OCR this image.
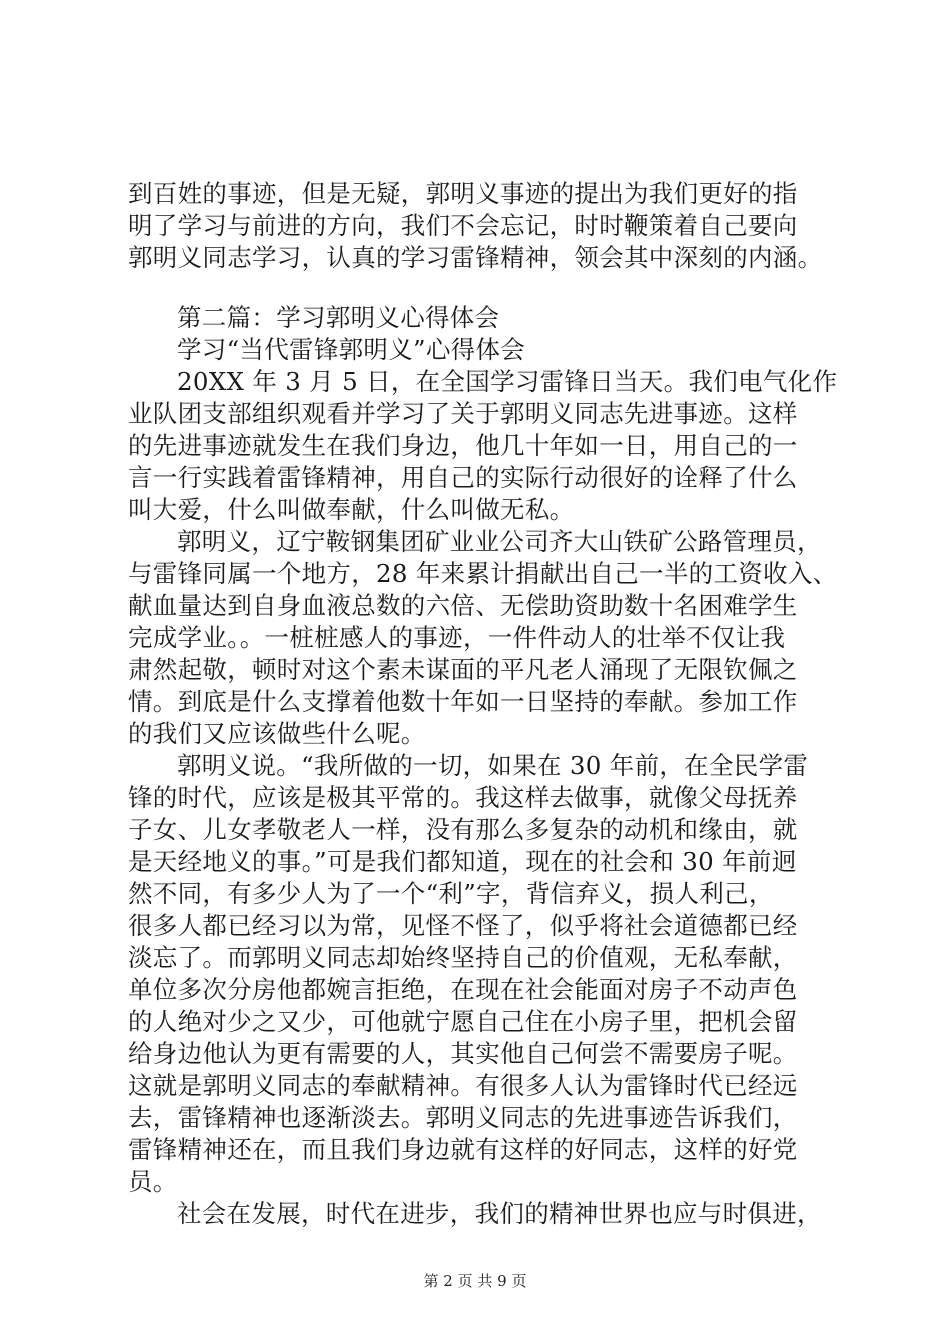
到百姓的事迹，但是无疑，郭明义事迹的提出为我们更好的指
明了学习与前进的方向，我们不会忘记，时时鞭策着自己要向
郭明义同志学习，认真的学习雷锋精神，领会其中深刻的内涵。
第二篇：学习郭明义心得体会
学习“当代雷锋郭明义”心得体会
20XX 年 3 月 5 日，在全国学习雷锋日当天。我们电气化作
业队团支部组织观看并学习了关于郭明义同志先进事迹。这样
的先进事迹就发生在我们身边，他几十年如一日，用自己的一
言一行实践着雷锋精神，用自己的实际行动很好的诠释了什么
叫大爱，什么叫做奉献，什么叫做无私。
郭明义，辽宁鞍钢集团矿业业公司齐大山铁矿公路管理员，
与雷锋同属一个地方，28 年来累计捐献出自己一半的工资收入、
献血量达到自身血液总数的六倍、无偿助资助数十名困难学生
完成学业。。一桩桩感人的事迹，一件件动人的壮举不仅让我
肃然起敬，顿时对这个素未谋面的平凡老人涌现了无限钦佩之
情。到底是什么支撑着他数十年如一日坚持的奉献。参加工作
的我们又应该做些什么呢。
郭明义说。“我所做的一切，如果在 30 年前，在全民学雷
锋的时代，应该是极其平常的。我这样去做事，就像父母抚养
子女、儿女孝敬老人一样，没有那么多复杂的动机和缘由，就
是天经地义的事。”可是我们都知道，现在的社会和 30 年前迥
然不同，有多少人为了一个“利”字，背信弃义，损人利己，
很多人都已经习以为常，见怪不怪了，似乎将社会道德都已经
淡忘了。而郭明义同志却始终坚持自己的价值观，无私奉献，
单位多次分房他都婉言拒绝，在现在社会能面对房子不动声色
的人绝对少之又少，可他就宁愿自己住在小房子里，把机会留
给身边他认为更有需要的人，其实他自己何尝不需要房子呢。
这就是郭明义同志的奉献精神。有很多人认为雷锋时代已经远
去，雷锋精神也逐渐淡去。郭明义同志的先进事迹告诉我们，
雷锋精神还在，而且我们身边就有这样的好同志，这样的好党
员。
社会在发展，时代在进步，我们的精神世界也应与时俱进，
第 2 页 共 9 页
